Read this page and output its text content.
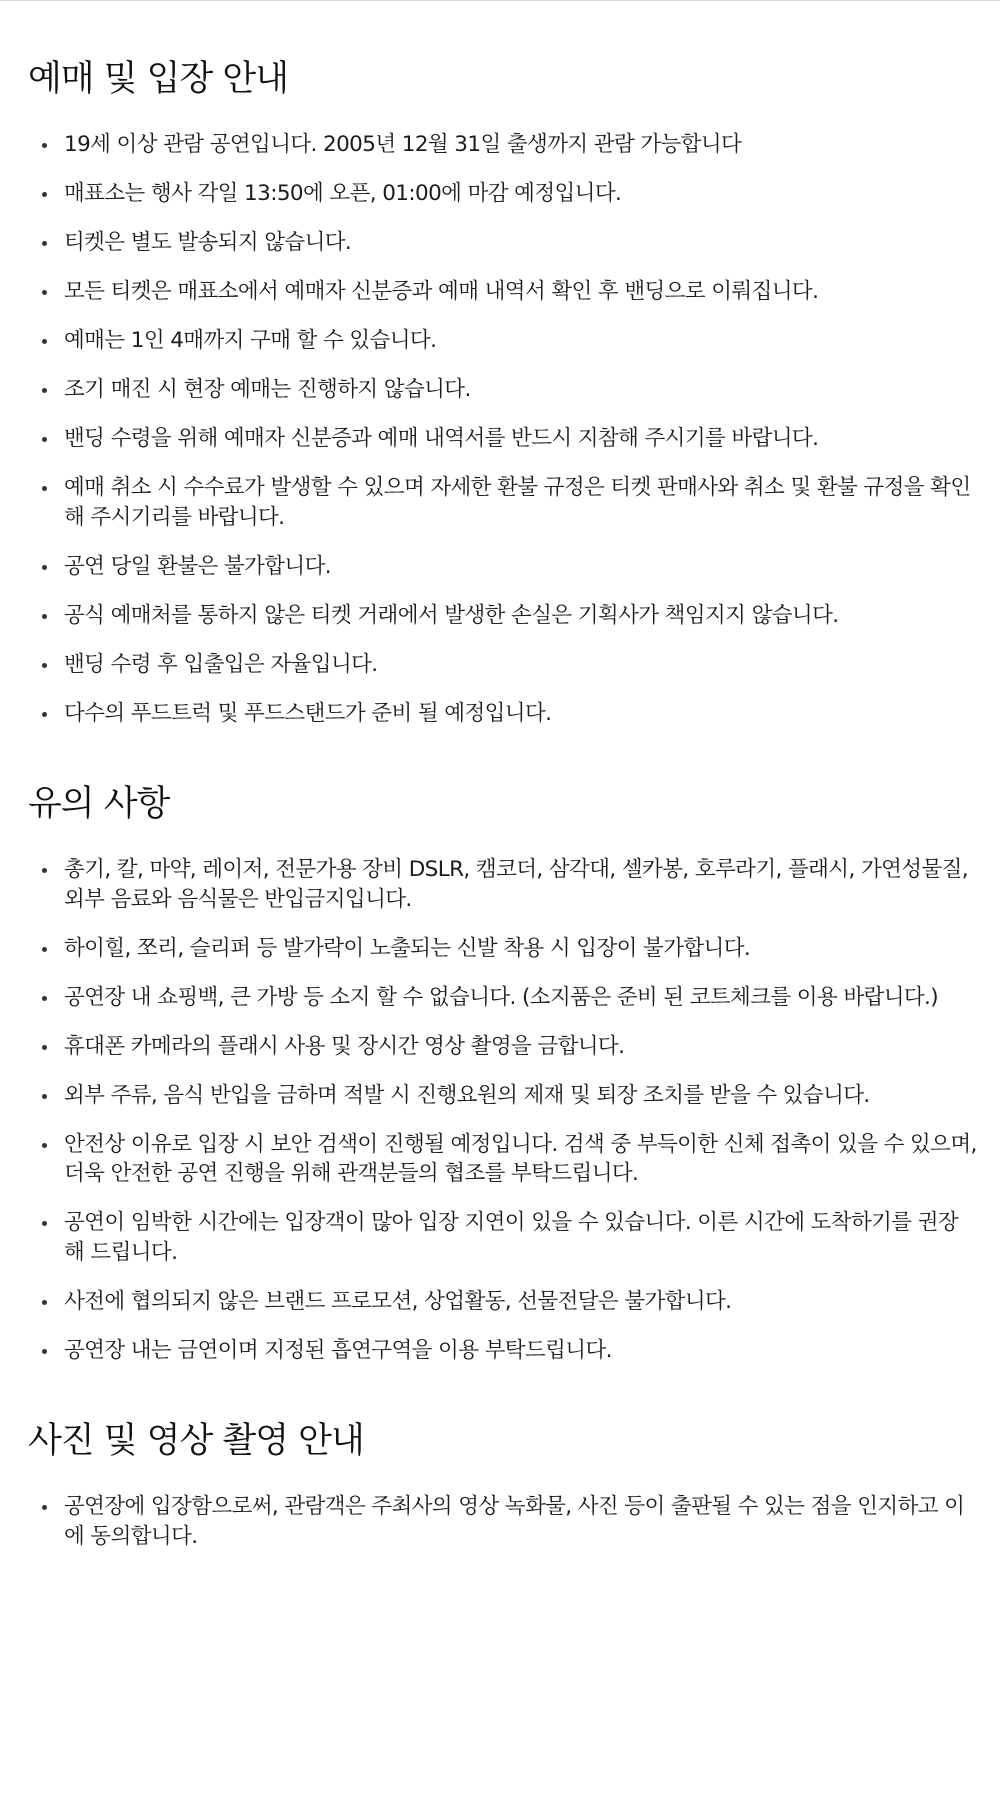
예매 및 입장 안내
19세 이상 관람 공연입니다. 2005년 12월 31일 출생까지 관람 가능합니다
매표소는 행사 각일 13:50에 오픈, 01:00에 마감 예정입니다.
티켓은 별도 발송되지 않습니다.
모든 티켓은 매표소에서 예매자 신분증과 예매 내역서 확인 후 밴딩으로 이뤄집니다.
예매는 1인 4매까지 구매 할 수 있습니다.
조기 매진 시 현장 예매는 진행하지 않습니다.
밴딩 수령을 위해 예매자 신분증과 예매 내역서를 반드시 지참해 주시기를 바랍니다.
예매 취소 시 수수료가 발생할 수 있으며 자세한 환불 규정은 티켓 판매사와 취소 및 환불 규정을 확인해 주시기리를 바랍니다.
공연 당일 환불은 불가합니다.
공식 예매처를 통하지 않은 티켓 거래에서 발생한 손실은 기획사가 책임지지 않습니다.
밴딩 수령 후 입출입은 자율입니다.
다수의 푸드트럭 및 푸드스탠드가 준비 될 예정입니다.
유의 사항
총기, 칼, 마약, 레이저, 전문가용 장비 DSLR, 캠코더, 삼각대, 셀카봉, 호루라기, 플래시, 가연성물질, 외부 음료와 음식물은 반입금지입니다.
하이힐, 쪼리, 슬리퍼 등 발가락이 노출되는 신발 착용 시 입장이 불가합니다.
공연장 내 쇼핑백, 큰 가방 등 소지 할 수 없습니다. (소지품은 준비 된 코트체크를 이용 바랍니다.)
휴대폰 카메라의 플래시 사용 및 장시간 영상 촬영을 금합니다.
외부 주류, 음식 반입을 금하며 적발 시 진행요원의 제재 및 퇴장 조치를 받을 수 있습니다.
안전상 이유로 입장 시 보안 검색이 진행될 예정입니다. 검색 중 부득이한 신체 접촉이 있을 수 있으며, 더욱 안전한 공연 진행을 위해 관객분들의 협조를 부탁드립니다.
공연이 임박한 시간에는 입장객이 많아 입장 지연이 있을 수 있습니다. 이른 시간에 도착하기를 권장해 드립니다.
사전에 협의되지 않은 브랜드 프로모션, 상업활동, 선물전달은 불가합니다.
공연장 내는 금연이며 지정된 흡연구역을 이용 부탁드립니다.
사진 및 영상 촬영 안내
공연장에 입장함으로써, 관람객은 주최사의 영상 녹화물, 사진 등이 출판될 수 있는 점을 인지하고 이에 동의합니다.
